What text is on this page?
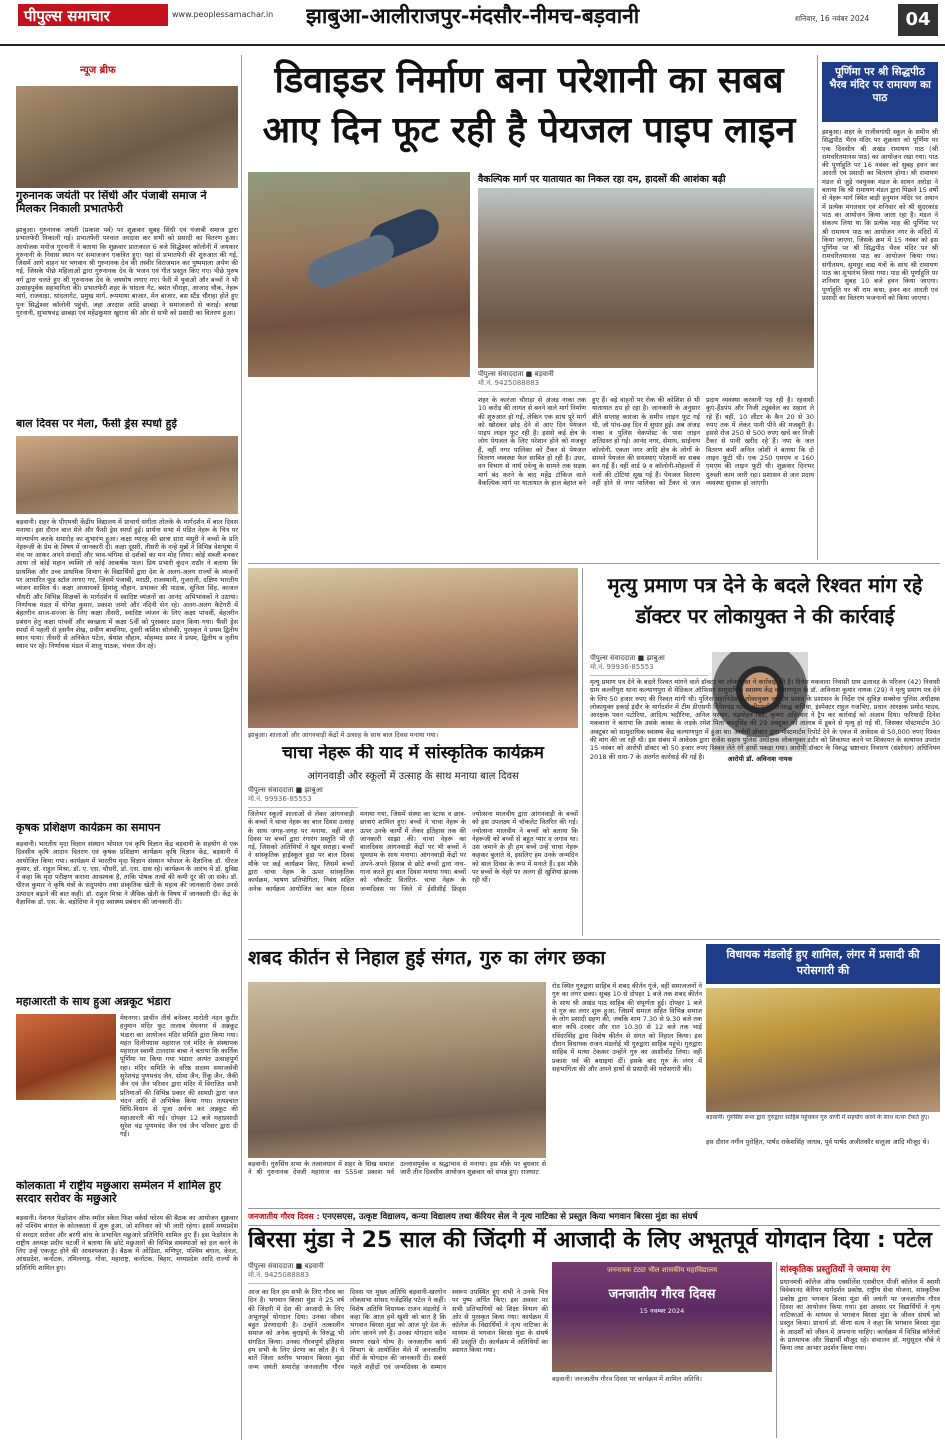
पीपुल्स समाचार	www.peoplessamachar.in	झाबुआ-आलीराजपुर-मंदसौर-नीमच-बड़वानी	शनिवार, 16 नवंबर 2024	04
न्यूज ब्रीफ
गुरुनानक जयंती पर सिंधी और पंजाबी समाज ने मिलकर निकाली प्रभातफेरी
झाबुआ। गुरुनानक जयंती (प्रकाश पर्व) पर शुक्रवार सुबह सिंधी एवं पंजाबी समाज द्वारा प्रभातफेरी निकाली गई। प्रभातफेरी पश्चात अरदास कर सभी को प्रसादी का वितरण हुआ। आयोजक मनोज गुरनानी ने बताया कि शुक्रवार प्रातःकाल 6 बजे सिद्धेश्वर कॉलोनी में जयकार गुरुनानी के निवास स्थान पर समाजजन एकत्रित हुए। यहां से प्रभातफेरी की शुरुआत की गई, जिसमें आगे वाहन पर भगवान श्री गुरुनानक देव की तस्वीर विराजमान कर पुष्पमाला अर्पण की गई, जिसके पीछे महिलाओं द्वारा गुरुनानक देव के भजन एवं गीत प्रस्तुत किए गए। पीछे पुरुष वर्ग द्वारा चलते हुए श्री गुरुनानक देव के जयघोष लगाए गए। फेरी में युवाओं और बच्चों ने भी उत्साहपूर्वक सहभागिता की। प्रभातफेरी शहर के थांदला गेट, बसंत चौराहा, आजाद चौक, नेहरू मार्ग, राजवाड़ा, थांदलागेट, प्रमुख मार्ग, रूपमाया बाजार, मेन बाजार, बस स्टैंड चौराहा होते हुए पुनः सिद्धेश्वर कॉलोनी पहुंची, जहां अरदास आदि छाबड़ा ने समाजजनों से कराई। बरखा गुरनानी, सुभाषचंद्र छाबड़ा एवं महेंद्रकुमार खुराना की ओर से सभी को प्रसादी का वितरण हुआ।
बाल दिवस पर मेला, फैंसी ड्रेस स्पर्धा हुई
बड़वानी। शहर के पीएमश्री केंद्रीय विद्यालय में प्राचार्य संगीता तोलके के मार्गदर्शन में बाल दिवस मनाया। इस दौरान बाल मेले और फैंसी ड्रेस स्पर्धा हुई। प्रार्थना सभा में पंडित नेहरू के चित्र पर माल्यार्पण करके समारोह का शुभारंभ हुआ। कक्षा ग्यारह की छात्रा सारा मंसूरी ने बच्चों के प्रति नेहरूजी के प्रेम के विषय में जानकारी दी। कक्षा दूसरी, तीसरी के नन्हे मुन्नों ने विभिन्न वेशभूषा में मंच पर आकर अपने संवादों और भाव-भंगिमा से दर्शकों का मन मोह लिया। कोई सब्जी बनकर आया तो कोई महान व्यक्ति तो कोई आकर्षक फल। प्रिय प्रभारी कुंदन राठौर ने बताया कि प्राथमिक और उच्च प्राथमिक विभाग के विद्यार्थियों द्वारा देश के अलग-अलग राज्यों के व्यंजनों पर आधारित फूड स्टॉल लगाए गए, जिसमें पंजाबी, मराठी, राजस्थानी, गुजराती, दक्षिण भारतीय व्यंजन शामिल थे। कक्षा अध्यापकों हिमांशु चौहान, प्रभाकर की पाठक, सुनिता सिंह, काजल चौधरी और विभिन्न शिक्षकों के मार्गदर्शन में स्वादिष्ट व्यंजनों का आनंद अभिभावकों ने उठाया। निर्णायक मंडल में योगेश कुमार, प्रकाश जमरे और नंदिनी सेन रहे। अलग-अलग कैटेगरी में बेहतरीन साज-सज्जा के लिए कक्षा तीसरी, स्वादिष्ट व्यंजन के लिए कक्षा पांचवीं, बेहतरीन प्रबंधन हेतु कक्षा पांचवीं और स्वच्छता में कक्षा 5वीं को पुरस्कार प्रदान किया गया। फैंसी ड्रेस स्पर्धा में पहली से हसनैन शेख, प्रवीण बामनिया, दूसरी कशिश सोलंकी, पुरस्कृत ने प्रथम द्वितीय स्थान पाया। तीसरी से अनिकेत पटेल, श्रेयांश चौहान, मोहम्मद समर ने प्रथम, द्वितीय व तृतीय स्थान पर रहे। निर्णायक मंडल में शालू पाठक, चंचल जैन रहे।
कृषक प्रशिक्षण कार्यक्रम का समापन
बड़वानी। भारतीय मृदा विज्ञान संस्थान भोपाल एवं कृषि विज्ञान केंद्र बड़वानी के सहयोग से एक दिवसीय कृषि आदान वितरण एवं कृषक प्रशिक्षण कार्यक्रम कृषि विज्ञान केंद्र, बड़वानी में आयोजित किया गया। कार्यक्रम में भारतीय मृदा विज्ञान संस्थान भोपाल के वैज्ञानिक डॉ. धीरज कुमार, डॉ. राहुल मिश्रा, डॉ. ए. एस. चौधरी, डॉ. एस. दास रहे। कार्यक्रम के आरंभ में डॉ. ध्रुविद्य ने कहा कि मृदा परीक्षण कराना आवश्यक है, ताकि पोषक तत्वों की कमी दूर की जा सके। डॉ. धीरज कुमार ने कृषि यंत्रों के सदुपयोग तथा प्राकृतिक खेती के महत्व की जानकारी देकर उनसे उत्पादन बढ़ाने की बात कही। डॉ. राहुल मिश्रा ने जैविक खेती के विषय में जानकारी दी। केंद्र के वैज्ञानिक डॉ. एस. के. बड़ोदिया ने मृदा स्वास्थ्य प्रबंधन की जानकारी दी।
महाआरती के साथ हुआ अन्नकूट भंडारा
मेघनगर। प्राचीन तीर्थ बनेश्वर मारोती नंदन कुटीर हनुमान मंदिर फुट तालाब मेघनगर में अन्नकूट भंडारा का आयोजन मंदिर समिति द्वारा किया गया। महंत दिलीपदास महाराज एवं मंदिर के संस्थापक महाराज स्वामी टालदास बाबा ने बताया कि कार्तिक पूर्णिमा पर किया गया भंडारा अत्यंत उत्साहपूर्ण रहा। मंदिर समिति के वरिष्ठ सदस्य समाजसेवी सुरेशचंद्र पुणमचंद जैन, सोमा जैन, रिंकू जैन, जैकी जैन एवं जैन परिवार द्वारा मंदिर में विराजित सभी प्रतिमाओं की विभिन्न प्रकार की सामग्री द्वारा जल चंदन आदि से अभिषेक किया गया। तत्पश्चात विधि-विधान से पूजा अर्चना कर अन्नकूट की महाआरती की गई। दोपहर 12 बजे महाप्रसादी सुरेश चंद्र पूणमचंद जैन एवं जैन परिवार द्वारा दी गई।
कोलकाता में राष्ट्रीय मछुआरा सम्मेलन में शामिल हुए सरदार सरोवर के मछुआरे
बड़वानी। नेशनल फेडरेशन ऑफ स्मॉल स्केल फिश वर्कर्स फोरम की बैठक का आयोजन शुक्रवार को पश्चिम बंगाल के कोलकाता में शुरू हुआ, जो शनिवार को भी जारी रहेगा। इसमें मध्यप्रदेश से सरदार सरोवर और बरगी बांध के प्रभावित मछुआरे प्रतिनिधि शामिल हुए हैं। इस फेडरेशन के राष्ट्रीय अध्यक्ष प्रदीप चटर्जी ने बताया कि छोटे मछुआरों की विभिन्न समस्याओं को हल करने के लिए उन्हें एकजुट होने की आवश्यकता है। बैठक में ओडिशा, मणिपुर, पश्चिम बंगाल, केरल, आंध्रप्रदेश, कर्नाटक, तमिलनाडु, गोवा, महाराष्ट्र, कर्नाटक, बिहार, मध्यप्रदेश आदि राज्यों के प्रतिनिधि शामिल हुए।
डिवाइडर निर्माण बना परेशानी का सबब आए दिन फूट रही है पेयजल पाइप लाइन
वैकल्पिक मार्ग पर यातायात का निकल रहा दम, हादसों की आशंका बढ़ी
पीपुल्स संवाददाता ■ बड़वानी
मो.नं. 9425088883
शहर के कारंजा चौराहा से अंजड़ नाका तक 10 करोड़ की लागत से बनने वाले मार्ग निर्माण की शुरुआत हो गई, लेकिन एक साथ पूरे मार्ग को खोदकर छोड़ देने से आए दिन पेयजल पाइप लाइन फूट रही है। इससे कई क्षेत्र के लोग पेयजल के लिए परेशान होने को मजबूर हैं, वहीं नगर पालिका को टैंकर से पेयजल वितरण व्यवस्था फेल साबित हो रही है। उधर, वन विभाग से नार्थ एवेन्यू के सामने तक सड़क मार्ग बंद करने के बाद महेंद्र टॉकिज वाले वैकल्पिक मार्ग पर यातायात के हाल बेहाल बने हुए हैं। बड़े वाहनों पर रोक की कोशिश से भी यातायात ठप हो रहा है। जानकारी के अनुसार बीते सप्ताह कारंजा के समीप लाइन फूट गई थी, जो पांच-छह दिन में सुधार हुई। अब अंजड़ नाका व पुलिस चेकपोस्ट के पास लाइन क्षतिग्रस्त हो गई। आनंद नगर, सेमाथ, साईनाथ कॉलोनी, एकता नगर आदि क्षेत्र के लोगों के सामने पेयजल की समस्याएं परेशानी का सबब बन गईं हैं। वहीं वार्ड 9 व कॉलोनी-मोहल्लों में नलों की टोटियां सूख गई हैं। पेयजल वितरण नहीं होने से नगर पालिका को टैंकर से जल प्रदाय व्यवस्था करवानी पड़ रही है। रहवासी कुएं-हैंडपंप और निजी ट्यूबवेल का सहारा ले रहे हैं। वहीं, 10 लीटर के कैन 20 से 30 रुपए तक में लेकर पानी पीने की मजबूरी है। इससे रोज 250 से 500 रुपए खर्च कर निजी टैंकर से पानी खरीद रहे हैं। नपा के जल वितरण कर्मी अनिल जोशी ने बताया कि दो लाइन फूटी थी। एक 250 एमएम व 160 एमएम की लाइन फूटी थी। शुक्रवार दिनभर दुरुस्ती काम जारी रहा। प्रशासन से जल प्रदाय व्यवस्था सुचारू हो जाएगी।
पूर्णिमा पर श्री सिद्धपीठ भैरव मंदिर पर रामायण का पाठ
झाबुआ। शहर के राजीवगांधी स्कूल के समीप श्री सिद्धपीठ भैरव मंदिर पर शुक्रवार को पूर्णिमा पर एक दिवसीय श्री अखंड रामायण पाठ (श्री रामचरितमानस पाठ) का आयोजन रखा गया। पाठ की पूर्णाहुति पर 16 नवंबर को सुबह हवन कर आरती एवं प्रसादी का वितरण होगा। श्री रामायण मंडल से जुड़े नवयुवक मंडल के सावन अरोड़ा ने बताया कि श्री रामायण मंडल द्वारा पिछले 15 वर्षों से नेहरू मार्ग स्थित बाड़ी हनुमान मंदिर पर अयान में प्रत्येक मंगलवार एवं शनिवार को श्री सुंदरकांड पाठ का आयोजन किया जाता रहा है। मंडल ने संकल्प लिया था कि प्रत्येक माह की पूर्णिमा पर श्री रामायण पाठ का आयोजन नगर के मंदिरों में किया जाएगा, जिसके क्रम में 15 नवंबर को इस पूर्णिमा पर श्री सिद्धपीठ भैरव मंदिर पर श्री रामचरितमानस पाठ का आयोजन किया गया। संगीतमय, सुमधुर वाद्य यंत्रों के साथ श्री रामायण पाठ का शुभारंभ किया गया। पाठ की पूर्णाहुति पर शनिवार सुबह 10 बजे हवन किया जाएगा। पूर्णाहुति पर श्री राम कथा, हवन कर आरती एवं प्रसादी का वितरण भजनानों को किया जाएगा।
झाबुआ। शालाओं और आंगनवाड़ी केंद्रों में उत्साह के साथ बाल दिवस मनाया गया।
चाचा नेहरू की याद में सांस्कृतिक कार्यक्रम
आंगनवाड़ी और स्कूलों में उत्साह के साथ मनाया बाल दिवस
पीपुल्स संवाददाता ■ झाबुआ
मो.नं. 99936-85553
जिलेभर स्कूलों शालाओं से लेकर आंगनवाड़ी के बच्चों ने चाचा नेहरू का बाल दिवस उत्साह के साथ जगह-जगह पर मनाया, वहीं बाल दिवस पर बच्चों द्वारा रंगारंग प्रस्तुति भी दी गई, जिसको अतिथियों ने खूब सराहा। बच्चों ने सांस्कृतिक हाईस्कूल हुडा पर बाल दिवस मौके पर कई कार्यक्रम किए, जिसमें बच्चों द्वारा चाचा नेहरू के ऊपर सांस्कृतिक कार्यक्रम, भाषण प्रतियोगिता, निबंध सहित अनेक कार्यक्रम आयोजित कर बाल दिवस मनाया गया, जिसमें संस्था का स्टाफ व छात्र-छात्राएं शामिल हुए। बच्चों ने चाचा नेहरू के ऊपर उनके कार्यों में लेकर इतिहास तक की जानकारी साझा की। चाचा नेहरू का बालदिवस आंगनवाड़ी केंद्रों पर भी बच्चों ने धूमधाम के साथ मनाया। आंगनवाड़ी केंद्रों पर अपने-अपने हिसाब से छोटे बच्चों द्वारा नाच-गाना करते हुए बाल दिवस मनाया गया। बच्चों को चॉकलेट वितरित- चाचा नेहरू के जन्मदिवस पर जिले में ईसीसीई फ्रिंड्स ज्योत्सना मालवीय द्वारा आंगनवाड़ी के बच्चों को इस उपलक्ष्य में चॉकलेट वितरित की गई। ज्योत्सना मालवीय ने बच्चों को बताया कि नेहरूजी को बच्चों से बहुत प्यार व लगाव था। उस जमाने के ही हम बच्चे उन्हें चाचा नेहरू कहकर बुलाते थे, इसलिए हम उनके जन्मदिन को बाल दिवस के रूप में मनाते हैं। इस मौके पर बच्चों के चेहरे पर अलग ही खुशियां झलक रही थीं।
मृत्यु प्रमाण पत्र देने के बदले रिश्वत मांग रहे डॉक्टर पर लोकायुक्त ने की कार्रवाई
पीपुल्स संवाददाता ■ झाबुआ
मो.नं. 99936-85553
आरोपी डॉ. अविनाश नायक
मृत्यु प्रमाण पत्र देने के बदले रिश्वत मांगने वाले डॉक्टर पर लोकायुक्त ने कार्रवाई की है। दिनेश मकवाना निवासी ग्राम ढलावड़ के परिजन (42) निवासी ग्राम कल्लीपुरा थाना कल्याणपुरा से मेडिकल ऑफिसर सामुदायिक स्वास्थ्य केंद्र कल्याणपुरा के डॉ. अविनाश कुमार नायक (29) ने मृत्यु प्रमाण पत्र देने के लिए 50 हजार रुपए की रिश्वत मांगी थी। पुलिस महानिदेशक लोकायुक्त जयदीप प्रसाद के प्रशासन के निर्देश एवं सुविज्ञ सक्सेना पुलिस अधीक्षक लोकायुक्त इकाई इंदौर के मार्गदर्शन में टीम डीएसपी दिनेशचंद्र पटेल, डीएसपी अनिरुद्ध वाधिया, इंस्पेक्टर राहुल गजभिए, प्रधान आरक्षक प्रमोद यादव, आरक्षक पवन पटोरिया, आदित्य भदौरिया, अनिल परमार, चंद्रमोहन बिष्ट, कृष्णा अहिरवार ने ट्रैप कर कार्रवाई को अंजाम दिया। फरियादी दिनेश मकवाना ने बताया कि उसके काका के लड़के रमेश पिता कालूसिंह की 29 अक्टूबर को तालाब में डूबने से मृत्यु हो गई थी, जिसका पोस्टमार्टम 30 अक्टूबर को सामुदायिक स्वास्थ्य केंद्र कल्याणपुरा में हुआ था। आरोपी डॉक्टर द्वारा पोस्टमार्टम रिपोर्ट देने के एवज में आवेदक से 50,000 रुपए रिश्वत की मांग की जा रही थी। इस संबंध में आवेदक द्वारा राजेश सहाय पुलिस अधीक्षक लोकायुक्त इंदौर को शिकायत करने पर शिकायत के सत्यापन उपरांत 15 नवंबर को आरोपी डॉक्टर को 50 हजार रुपए रिश्वत लेते रंगे हाथों पकड़ा गया। आरोपी डॉक्टर के विरुद्ध भ्रष्टाचार निवारण (संशोधन) अधिनियम 2018 की धारा-7 के अंतर्गत कार्रवाई की गई है।
शबद कीर्तन से निहाल हुई संगत, गुरु का लंगर छका
बड़वानी। गुरुसिंघ सभा के तत्वावधान में शहर के सिख समाज ने श्री गुरुनानक देवजी महाराज का 555वां प्रकाश पर्व उल्लासपूर्वक व श्रद्धाभाव से मनाया। इस मौके पर बुधवार से जारी तीन दिवसीय आयोजन शुक्रवार को संपन्न हुए। राजघाट
रोड स्थित गुरुद्वारा साहिब में शबद कीर्तन गूंजे, वहीं समाजजनों ने गुरु का लंगर छका। सुबह 10 से दोपहर 1 बजे तक शबद कीर्तन के साथ श्री अखंड पाठ साहिब की संपूर्णता हुई। दोपहर 1 बजे से गुरु का लंगर शुरू हुआ, जिसमें समाज सहित विभिन्न समाज के लोग प्रसादी ग्रहण की, जबकि शाम 7.30 से 9.30 बजे तक बाल कवि दरबार और रात 10.30 से 12 बजे तक भाई रविंदरसिंह द्वारा विशेष कीर्तन से संगत को निहाल किया। इस दौरान विधायक राजन मंडलोई भी गुरुद्वारा साहिब पहुंचे। गुरुद्वारा साहिब में मत्था टेककर उन्होंने गुरु का आशीर्वाद लिया। वहीं प्रकाश पर्व की बधाइयां दीं। इसके बाद गुरु के लंगर में सहभागिता की और अपने हाथों से प्रसादी की परोसगारी की।
विधायक मंडलोई हुए शामिल, लंगर में प्रसादी की परोसगारी की
बड़वानी। गुरुसिंघ सभा द्वारा गुरुद्वारा साहिब पहुंचकर गुरु वाणी में सहयोग करने के साथ मत्था टेकते हुए।
इस दौरान नगीन पुरोहित, पार्षद राकेशसिंह जाधव, पूर्व पार्षद अजीतकौर सलूजा आदि मौजूद थे।
जनजातीय गौरव दिवस : एनएसएस, उत्कृष्ट विद्यालय, कन्या विद्यालय तथा कॅरियर सेल ने नृत्य नाटिका से प्रस्तुत किया भगवान बिरसा मुंडा का संघर्ष
बिरसा मुंडा ने 25 साल की जिंदगी में आजादी के लिए अभूतपूर्व योगदान दिया : पटेल
पीपुल्स संवाददाता ■ बड़वानी
मो.नं. 9425088883
आज का दिन हम सभी के लिए गौरव का दिन है। भगवान बिरसा मुंडा ने 25 वर्ष की जिंदगी में देश की आजादी के लिए अभूतपूर्व योगदान दिया। उनका जीवन बहुत प्रेरणादायी है। उन्होंने तत्कालीन समाज को अनेक बुराइयों के विरुद्ध भी संगठित किया। उनका गौरवपूर्ण इतिहास हम सभी के लिए प्रेरणा का स्रोत है। ये बातें जिला स्तरीय भगवान बिरसा मुंडा जन्म जयंती समारोह जनजातीय गौरव दिवस पर मुख्य अतिथि बड़वानी-खरगोन लोकसभा सांसद गजेंद्रसिंह पटेल ने कहीं। विशेष अतिथि विधायक राजन मंडलोई ने कहा कि आज हमें खुशी को बात है कि भगवान बिरसा मुंडा को आज पूरे देश के लोग जानने लगे हैं। उनका योगदान सदैव स्मरण रखने योग्य है। जनजातीय कार्य विभाग के आयोजित मेले में जनजातीय वीरों के योगदान की जानकारी दी। सबसे पहले शहीदों एवं जन्मदिवस के सम्मान स्वरूप उपस्थित हुए सभी ने उनके चित्र पर पुष्प अर्पित किए। इस अवसर पर सभी प्रतिभागियों को शिक्षा विभाग की ओर से पुरस्कृत किया गया। कार्यक्रम में कॉलेज के विद्यार्थियों ने नृत्य नाटिका के माध्यम से भगवान बिरसा मुंडा के संघर्ष की प्रस्तुति दी। कार्यक्रम में अतिथियों का स्वागत किया गया।
जननायक टंट्या भील शासकीय महाविद्यालय
जनजातीय गौरव दिवस
15 नवम्बर 2024
बड़वानी। जनजातीय गौरव दिवस पर कार्यक्रम में शामिल अतिथि।
सांस्कृतिक प्रस्तुतियों ने जमाया रंग
प्रधानमंत्री कॉलेज ऑफ एक्सीलेंस एसबीएन पीजी कॉलेज में स्वामी विवेकानंद कॅरियर मार्गदर्शन प्रकोष्ठ, राष्ट्रीय सेवा योजना, सांस्कृतिक प्रकोष्ठ द्वारा भगवान बिरसा मुंडा की जयंती पर जनजातीय गौरव दिवस का आयोजन किया गया। इस अवसर पर विद्यार्थियों ने नृत्य नाटिकाओं के माध्यम से भगवान बिरसा मुंडा के जीवन संघर्ष को प्रस्तुत किया। प्राचार्य डॉ. वीणा सत्य ने कहा कि भगवान बिरसा मुंडा के आदर्शों को जीवन में अपनाना चाहिए। कार्यक्रम में विभिन्न कॉलेजों के प्राध्यापक और विद्यार्थी मौजूद रहे। संचालन डॉ. मधुसूदन चौबे ने किया तथा आभार प्रदर्शन किया गया।
